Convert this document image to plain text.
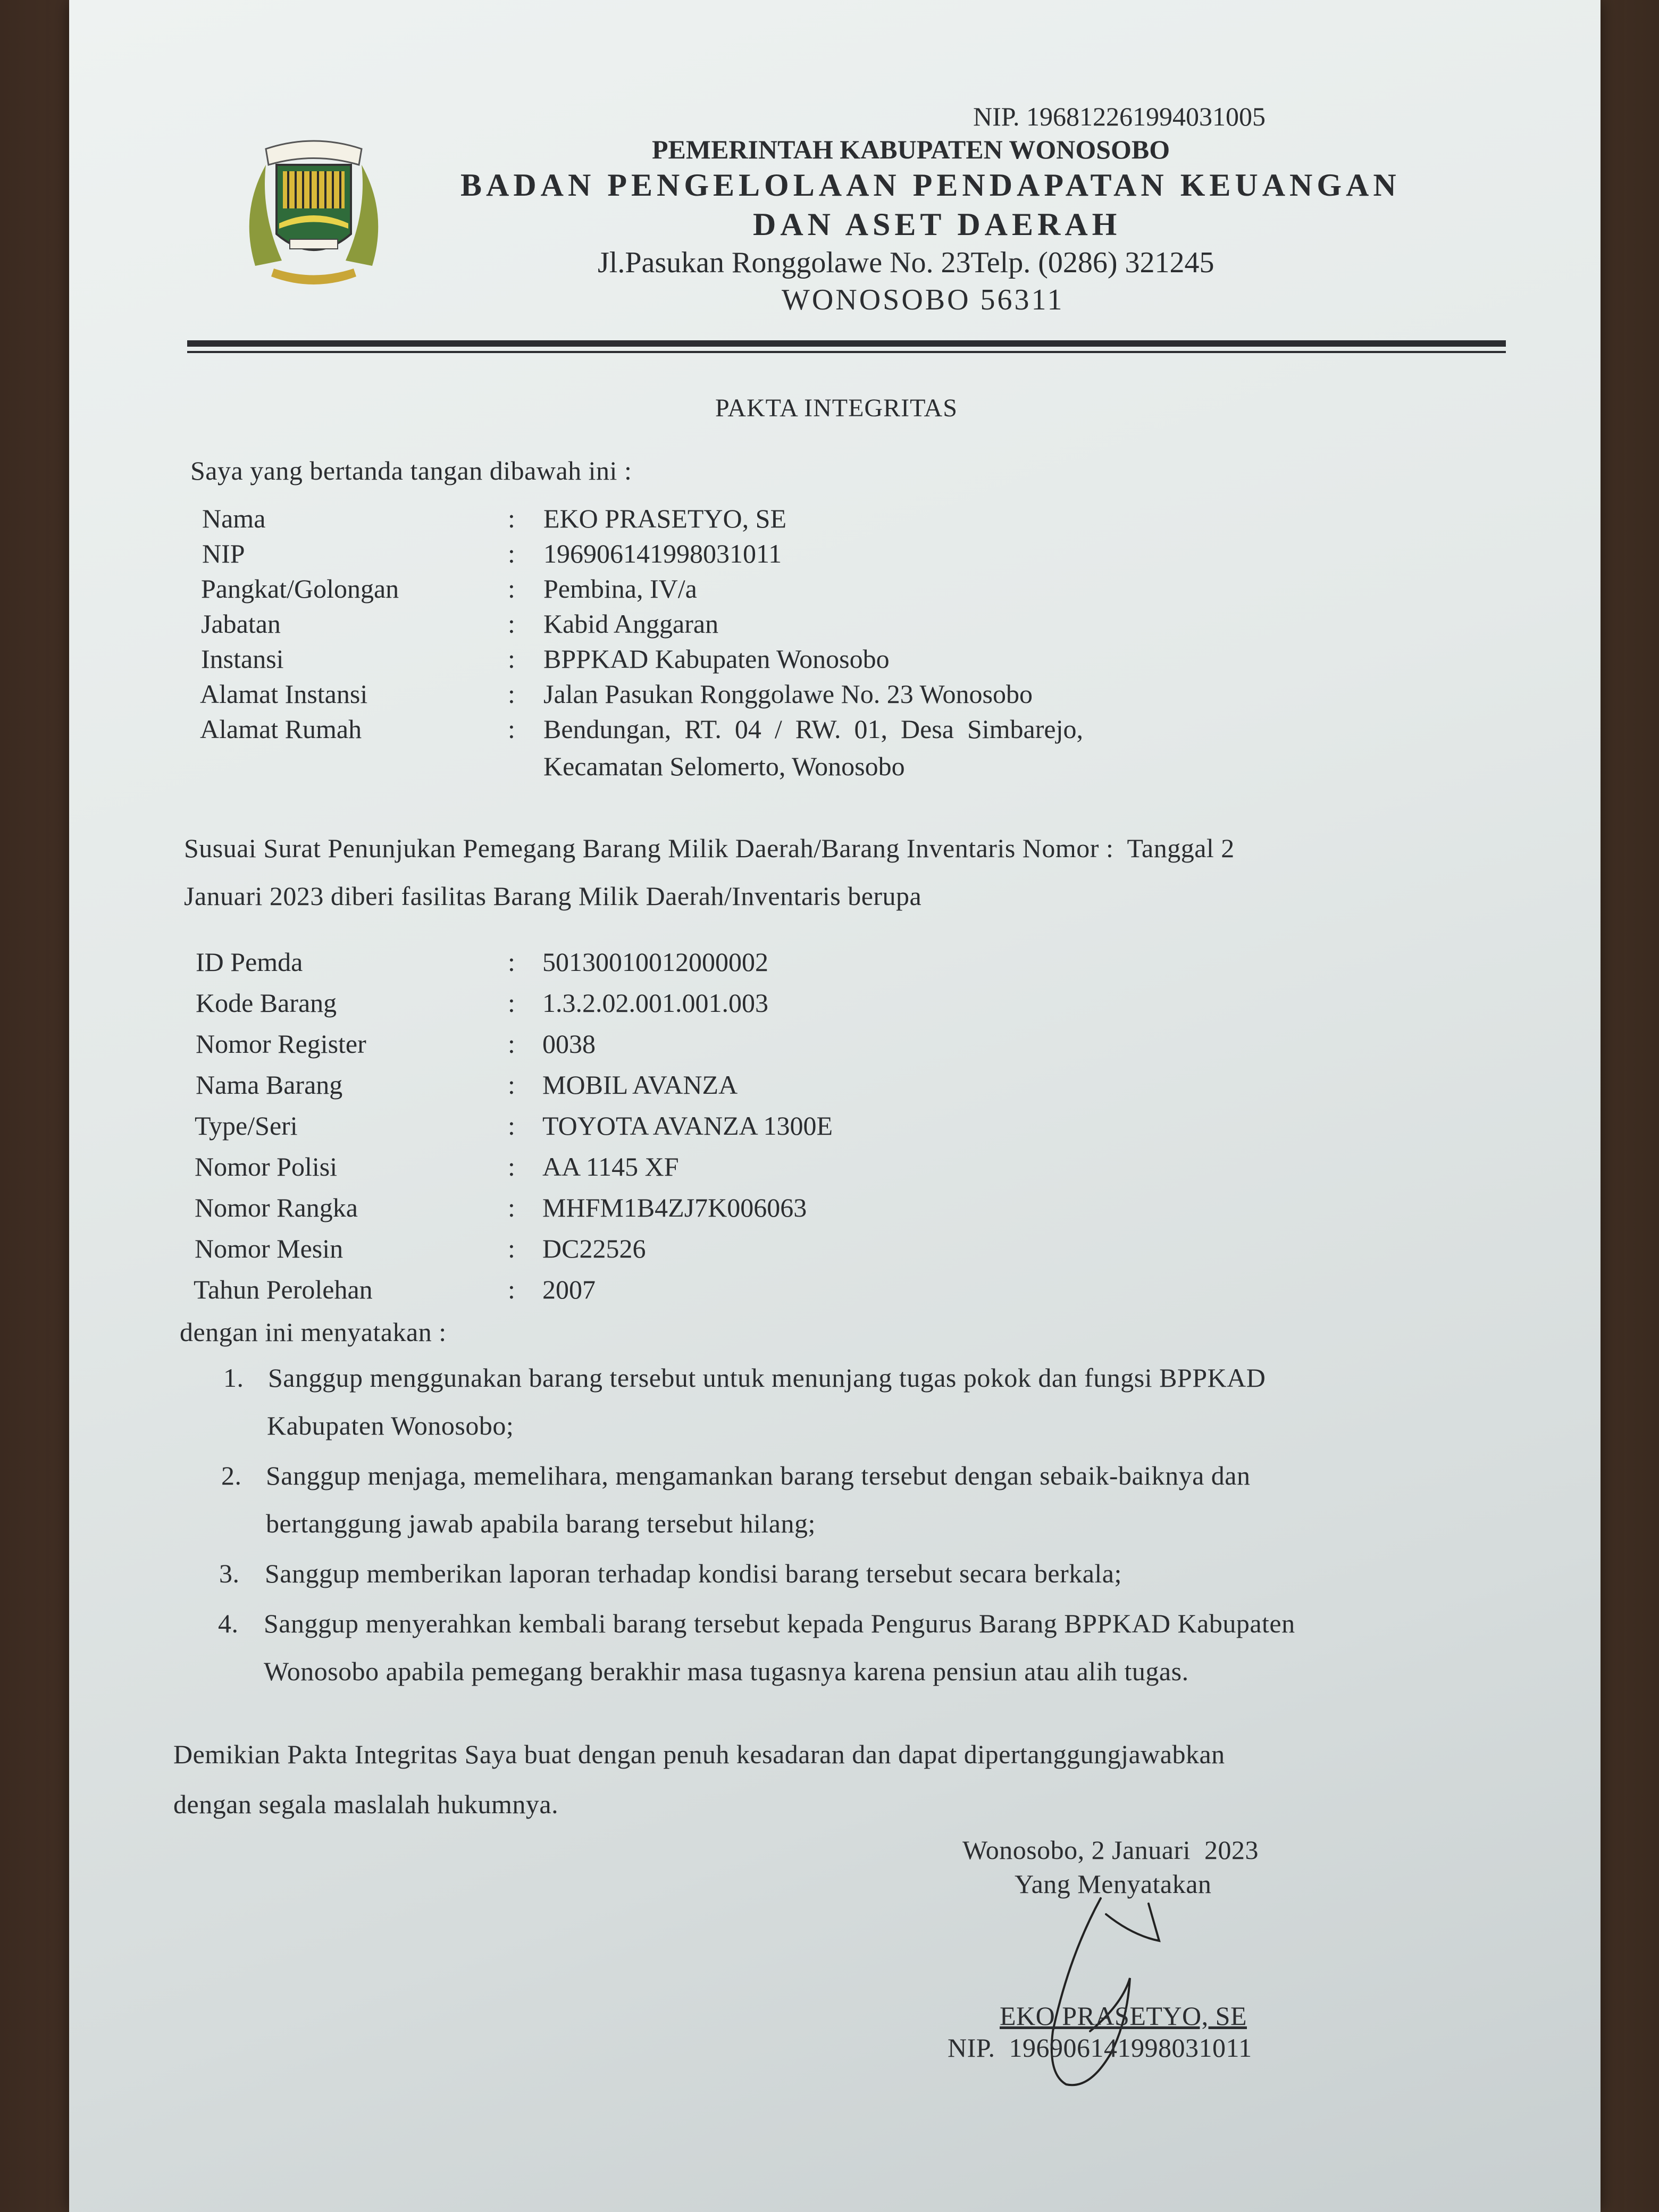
NIP. 196812261994031005
PEMERINTAH KABUPATEN WONOSOBO
BADAN PENGELOLAAN PENDAPATAN KEUANGAN
DAN ASET DAERAH
Jl.Pasukan Ronggolawe No. 23Telp. (0286) 321245
WONOSOBO 56311
PAKTA INTEGRITAS
Saya yang bertanda tangan dibawah ini :
Nama	: EKO PRASETYO, SE
NIP	: 196906141998031011
Pangkat/Golongan	: Pembina, IV/a
Jabatan	: Kabid Anggaran
Instansi	: BPPKAD Kabupaten Wonosobo
Alamat Instansi	: Jalan Pasukan Ronggolawe No. 23 Wonosobo
Alamat Rumah	: Bendungan,  RT.  04  /  RW.  01,  Desa  Simbarejo,
Kecamatan Selomerto, Wonosobo
Susuai Surat Penunjukan Pemegang Barang Milik Daerah/Barang Inventaris Nomor :  Tanggal 2
Januari 2023 diberi fasilitas Barang Milik Daerah/Inventaris berupa
ID Pemda	: 50130010012000002
Kode Barang	: 1.3.2.02.001.001.003
Nomor Register	: 0038
Nama Barang	: MOBIL AVANZA
Type/Seri	: TOYOTA AVANZA 1300E
Nomor Polisi	: AA 1145 XF
Nomor Rangka	: MHFM1B4ZJ7K006063
Nomor Mesin	: DC22526
Tahun Perolehan	: 2007
dengan ini menyatakan :
1. Sanggup menggunakan barang tersebut untuk menunjang tugas pokok dan fungsi BPPKAD
Kabupaten Wonosobo;
2. Sanggup menjaga, memelihara, mengamankan barang tersebut dengan sebaik-baiknya dan
bertanggung jawab apabila barang tersebut hilang;
3. Sanggup memberikan laporan terhadap kondisi barang tersebut secara berkala;
4. Sanggup menyerahkan kembali barang tersebut kepada Pengurus Barang BPPKAD Kabupaten
Wonosobo apabila pemegang berakhir masa tugasnya karena pensiun atau alih tugas.
Demikian Pakta Integritas Saya buat dengan penuh kesadaran dan dapat dipertanggungjawabkan
dengan segala maslalah hukumnya.
Wonosobo, 2 Januari  2023
Yang Menyatakan
EKO PRASETYO, SE
NIP.  196906141998031011
